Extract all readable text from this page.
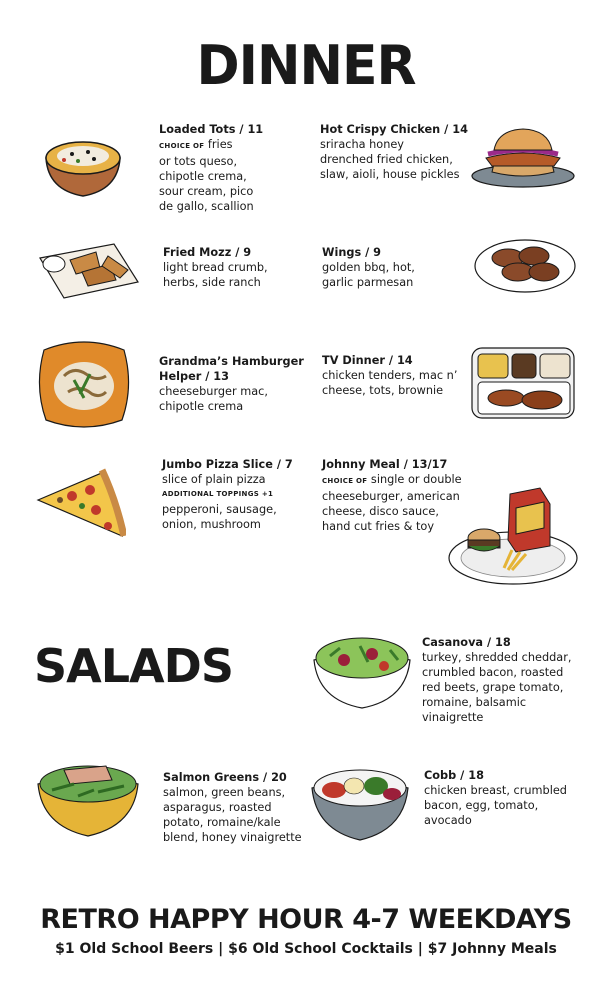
DINNER
Loaded Tots / 11
CHOICE OF fries
or tots queso,
chipotle crema,
sour cream, pico
de gallo, scallion
Hot Crispy Chicken / 14
sriracha honey
drenched fried chicken,
slaw, aioli, house pickles
Fried Mozz / 9
light bread crumb,
herbs, side ranch
Wings / 9
golden bbq, hot,
garlic parmesan
Grandma’s Hamburger
Helper / 13
cheeseburger mac,
chipotle crema
TV Dinner / 14
chicken tenders, mac n’
cheese, tots, brownie
Jumbo Pizza Slice / 7
slice of plain pizza
ADDITIONAL TOPPINGS +1
pepperoni, sausage,
onion, mushroom
Johnny Meal / 13/17
CHOICE OF single or double
cheeseburger, american
cheese, disco sauce,
hand cut fries & toy
SALADS	Casanova / 18
turkey, shredded cheddar,
crumbled bacon, roasted
red beets, grape tomato,
romaine, balsamic
vinaigrette
Salmon Greens / 20
salmon, green beans,
asparagus, roasted
potato, romaine/kale
blend, honey vinaigrette
Cobb / 18
chicken breast, crumbled
bacon, egg, tomato,
avocado
RETRO HAPPY HOUR 4-7 WEEKDAYS
$1 Old School Beers | $6 Old School Cocktails | $7 Johnny Meals
